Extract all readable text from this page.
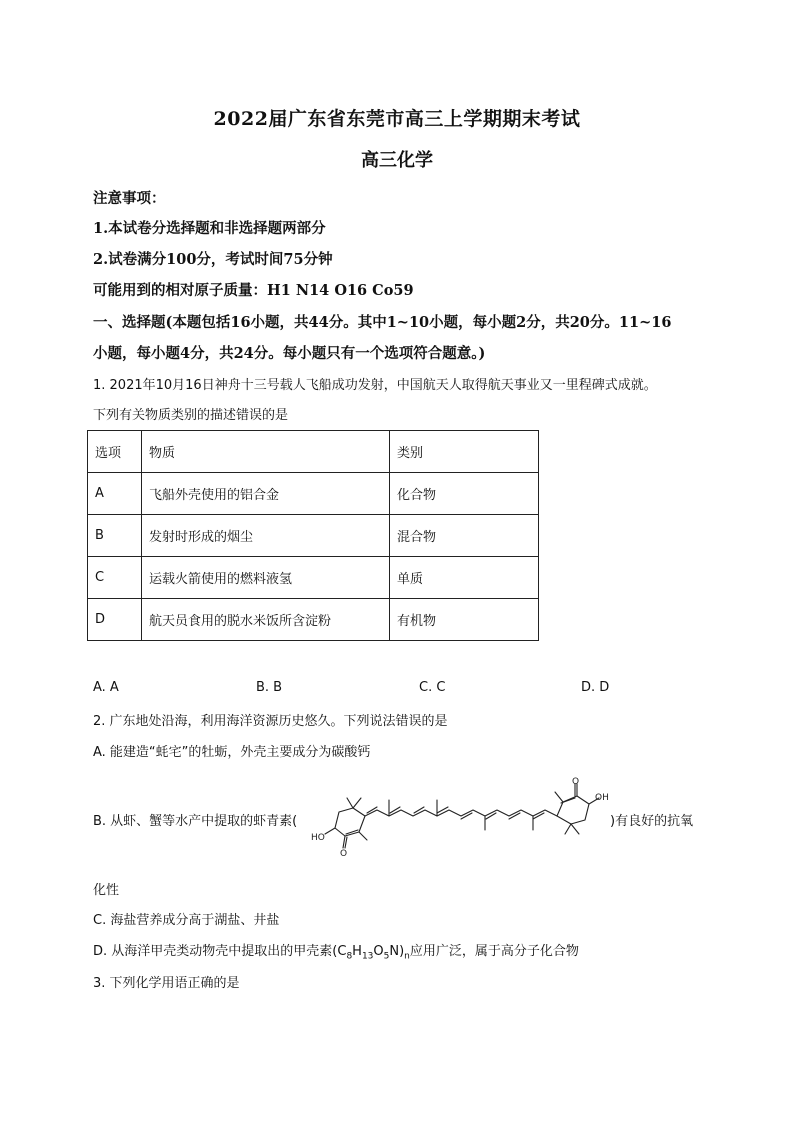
2022届广东省东莞市高三上学期期末考试
高三化学
注意事项：
1.本试卷分选择题和非选择题两部分
2.试卷满分100分，考试时间75分钟
可能用到的相对原子质量：H1 N14 O16 Co59
一、选择题(本题包括16小题，共44分。其中1~10小题，每小题2分，共20分。11~16
小题，每小题4分，共24分。每小题只有一个选项符合题意。)
1. 2021年10月16日神舟十三号载人飞船成功发射，中国航天人取得航天事业又一里程碑式成就。
下列有关物质类别的描述错误的是
选项	物质	类别
A	飞船外壳使用的铝合金	化合物
B	发射时形成的烟尘	混合物
C	运载火箭使用的燃料液氢	单质
D	航天员食用的脱水米饭所含淀粉	有机物
A. A	B. B	C. C	D. D
2. 广东地处沿海，利用海洋资源历史悠久。下列说法错误的是
A. 能建造“蚝宅”的牡蛎，外壳主要成分为碳酸钙
B. 从虾、蟹等水产中提取的虾青素(	)有良好的抗氧
OH
O
HO
O
化性
C. 海盐营养成分高于湖盐、井盐
D. 从海洋甲壳类动物壳中提取出的甲壳素$(C_8H_{13}O_5N)_n$应用广泛，属于高分子化合物
3. 下列化学用语正确的是
